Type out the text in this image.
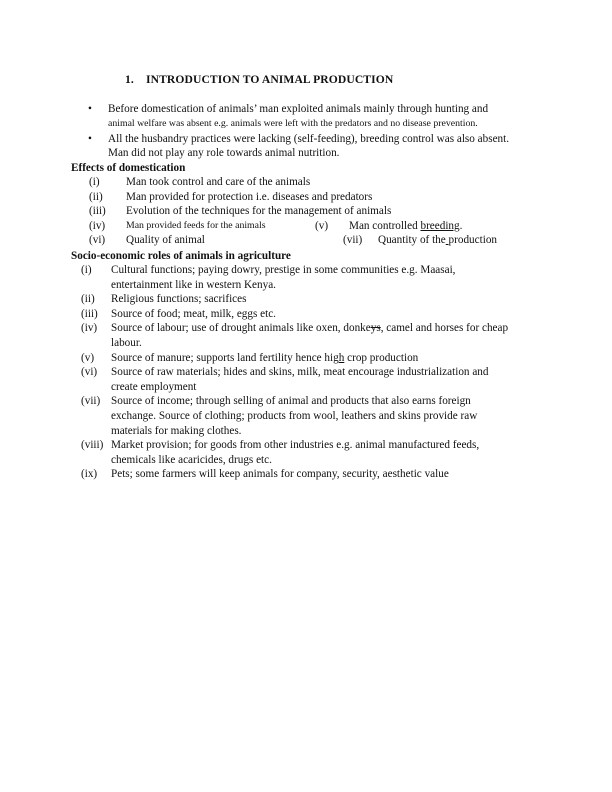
1. INTRODUCTION TO ANIMAL PRODUCTION
• Before domestication of animals’ man exploited animals mainly through hunting and
animal welfare was absent e.g. animals were left with the predators and no disease prevention.
• All the husbandry practices were lacking (self-feeding), breeding control was also absent.
Man did not play any role towards animal nutrition.
Effects of domestication
(i) Man took control and care of the animals
(ii) Man provided for protection i.e. diseases and predators
(iii) Evolution of the techniques for the management of animals
(iv) Man provided feeds for the animals	(v) Man controlled breeding.
(vi) Quality of animal	(vii) Quantity of the production
Socio-economic roles of animals in agriculture
(i) Cultural functions; paying dowry, prestige in some communities e.g. Maasai,
entertainment like in western Kenya.
(ii) Religious functions; sacrifices
(iii) Source of food; meat, milk, eggs etc.
(iv) Source of labour; use of drought animals like oxen, donkeys, camel and horses for cheap
labour.
(v) Source of manure; supports land fertility hence high crop production
(vi) Source of raw materials; hides and skins, milk, meat encourage industrialization and
create employment
(vii) Source of income; through selling of animal and products that also earns foreign
exchange. Source of clothing; products from wool, leathers and skins provide raw
materials for making clothes.
(viii) Market provision; for goods from other industries e.g. animal manufactured feeds,
chemicals like acaricides, drugs etc.
(ix) Pets; some farmers will keep animals for company, security, aesthetic value
